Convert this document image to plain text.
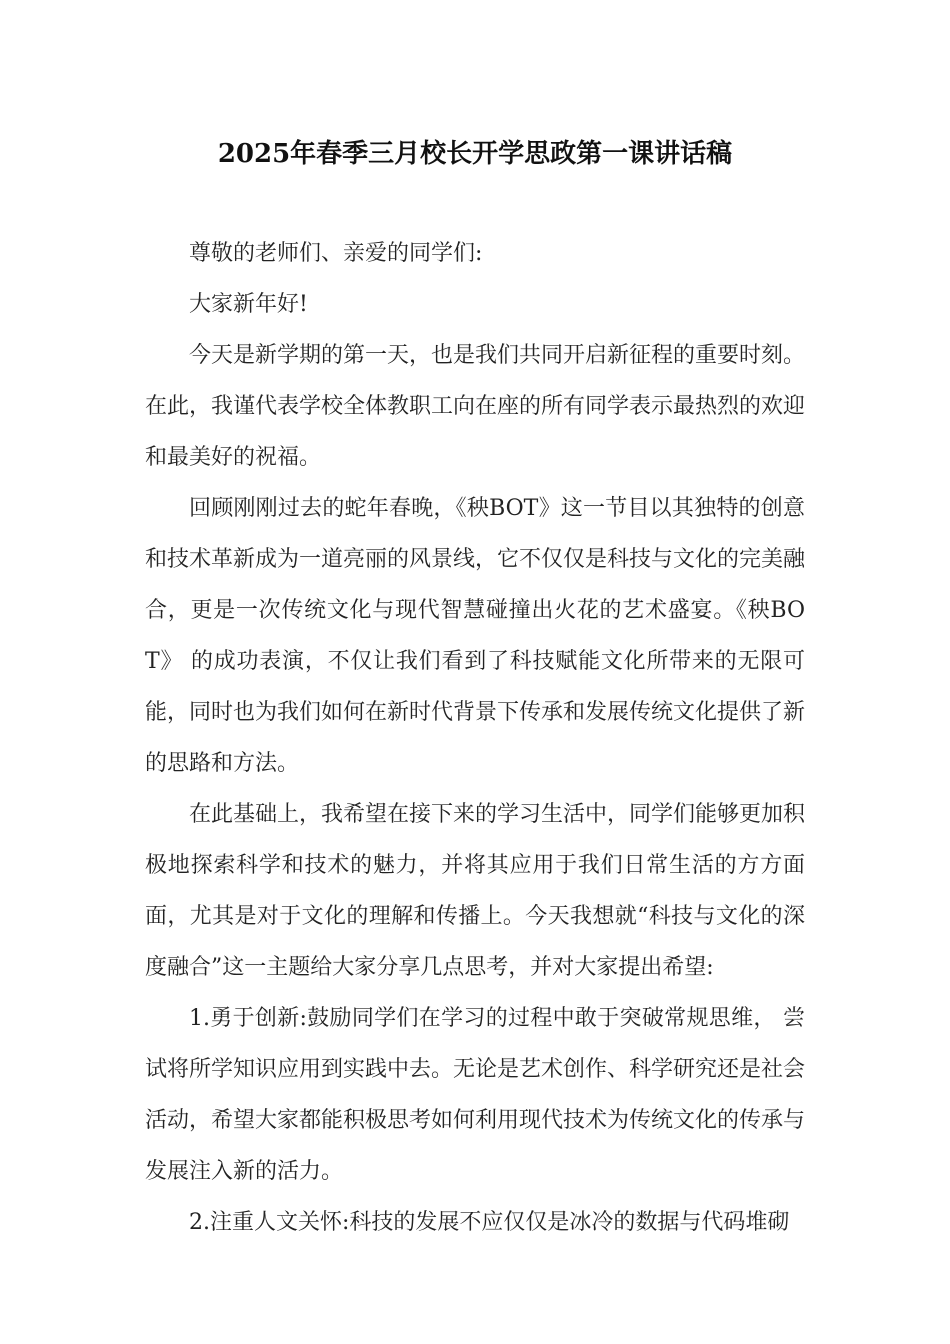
2025年春季三月校长开学思政第一课讲话稿

尊敬的老师们、亲爱的同学们:

大家新年好!

今天是新学期的第一天，也是我们共同开启新征程的重要时刻。在此，我谨代表学校全体教职工向在座的所有同学表示最热烈的欢迎和最美好的祝福。

回顾刚刚过去的蛇年春晚，《秧BOT》这一节目以其独特的创意和技术革新成为一道亮丽的风景线，它不仅仅是科技与文化的完美融合，更是一次传统文化与现代智慧碰撞出火花的艺术盛宴。《秧BOT》 的成功表演，不仅让我们看到了科技赋能文化所带来的无限可能，同时也为我们如何在新时代背景下传承和发展传统文化提供了新的思路和方法。

在此基础上，我希望在接下来的学习生活中，同学们能够更加积极地探索科学和技术的魅力，并将其应用于我们日常生活的方方面面，尤其是对于文化的理解和传播上。今天我想就“科技与文化的深度融合”这一主题给大家分享几点思考，并对大家提出希望:

1.勇于创新:鼓励同学们在学习的过程中敢于突破常规思维， 尝试将所学知识应用到实践中去。无论是艺术创作、科学研究还是社会活动，希望大家都能积极思考如何利用现代技术为传统文化的传承与发展注入新的活力。

2.注重人文关怀:科技的发展不应仅仅是冰冷的数据与代码堆砌
